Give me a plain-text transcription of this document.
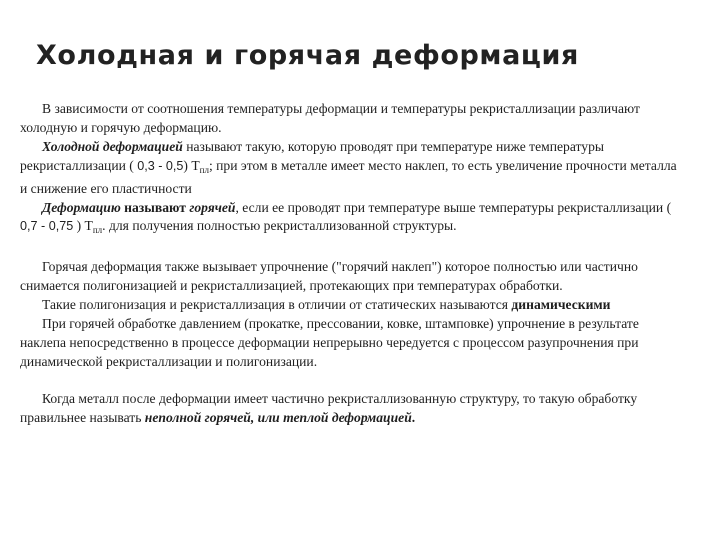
Холодная и горячая деформация

В зависимости от соотношения температуры деформации и температуры рекристаллизации различают холодную и горячую деформацию.

Холодной деформацией называют такую, которую проводят при температуре ниже температуры рекристаллизации ( 0,3 - 0,5) $Т_{пл}$; при этом в металле имеет место наклеп, то есть увеличение прочности металла и снижение его пластичности

Деформацию называют горячей, если ее проводят при температуре выше температуры рекристаллизации ( 0,7 - 0,75 ) $Т_{пл}$. для получения полностью рекристаллизованной структуры.

Горячая деформация также вызывает упрочнение ("горячий наклеп") которое полностью или частично снимается полигонизацией и рекристаллизацией, протекающих при температурах обработки.

Такие полигонизация и рекристаллизация в отличии от статических называются динамическими

При горячей обработке давлением (прокатке, прессовании, ковке, штамповке) упрочнение в результате наклепа непосредственно в процессе деформации непрерывно чередуется с процессом разупрочнения при динамической рекристаллизации и полигонизации.

Когда металл после деформации имеет частично рекристаллизованную структуру, то такую обработку правильнее называть неполной горячей, или теплой деформацией.
